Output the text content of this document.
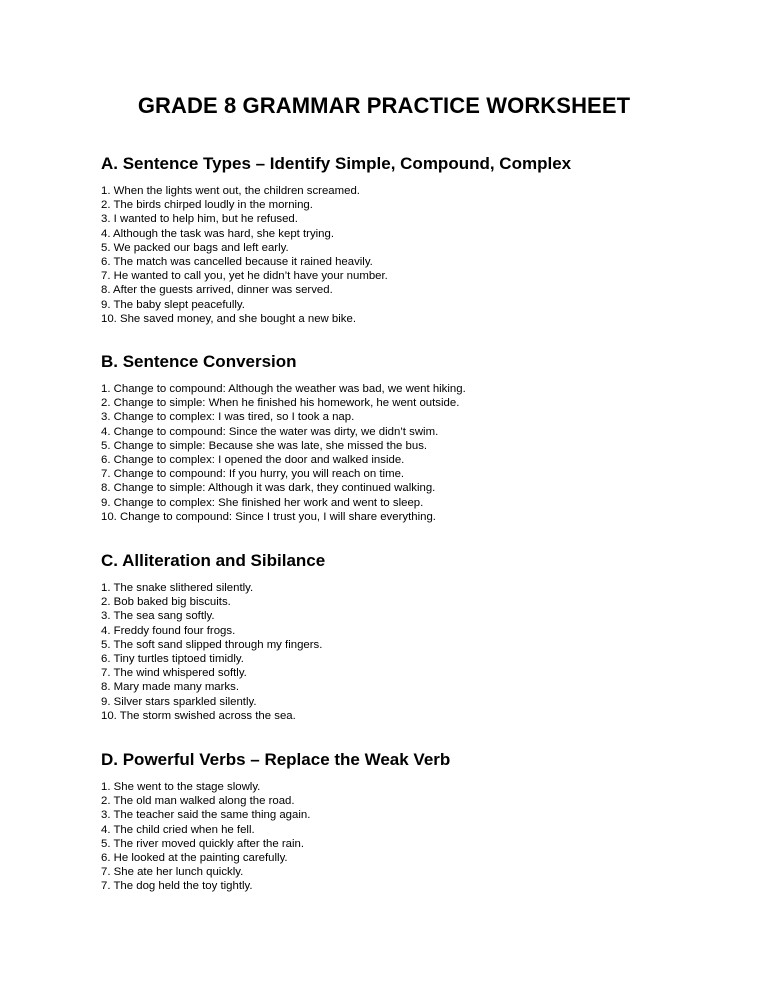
GRADE 8 GRAMMAR PRACTICE WORKSHEET
A. Sentence Types – Identify Simple, Compound, Complex
1. When the lights went out, the children screamed.
2. The birds chirped loudly in the morning.
3. I wanted to help him, but he refused.
4. Although the task was hard, she kept trying.
5. We packed our bags and left early.
6. The match was cancelled because it rained heavily.
7. He wanted to call you, yet he didn’t have your number.
8. After the guests arrived, dinner was served.
9. The baby slept peacefully.
10. She saved money, and she bought a new bike.
B. Sentence Conversion
1. Change to compound: Although the weather was bad, we went hiking.
2. Change to simple: When he finished his homework, he went outside.
3. Change to complex: I was tired, so I took a nap.
4. Change to compound: Since the water was dirty, we didn’t swim.
5. Change to simple: Because she was late, she missed the bus.
6. Change to complex: I opened the door and walked inside.
7. Change to compound: If you hurry, you will reach on time.
8. Change to simple: Although it was dark, they continued walking.
9. Change to complex: She finished her work and went to sleep.
10. Change to compound: Since I trust you, I will share everything.
C. Alliteration and Sibilance
1. The snake slithered silently.
2. Bob baked big biscuits.
3. The sea sang softly.
4. Freddy found four frogs.
5. The soft sand slipped through my fingers.
6. Tiny turtles tiptoed timidly.
7. The wind whispered softly.
8. Mary made many marks.
9. Silver stars sparkled silently.
10. The storm swished across the sea.
D. Powerful Verbs – Replace the Weak Verb
1. She went to the stage slowly.
2. The old man walked along the road.
3. The teacher said the same thing again.
4. The child cried when he fell.
5. The river moved quickly after the rain.
6. He looked at the painting carefully.
7. She ate her lunch quickly.
7. The dog held the toy tightly.
